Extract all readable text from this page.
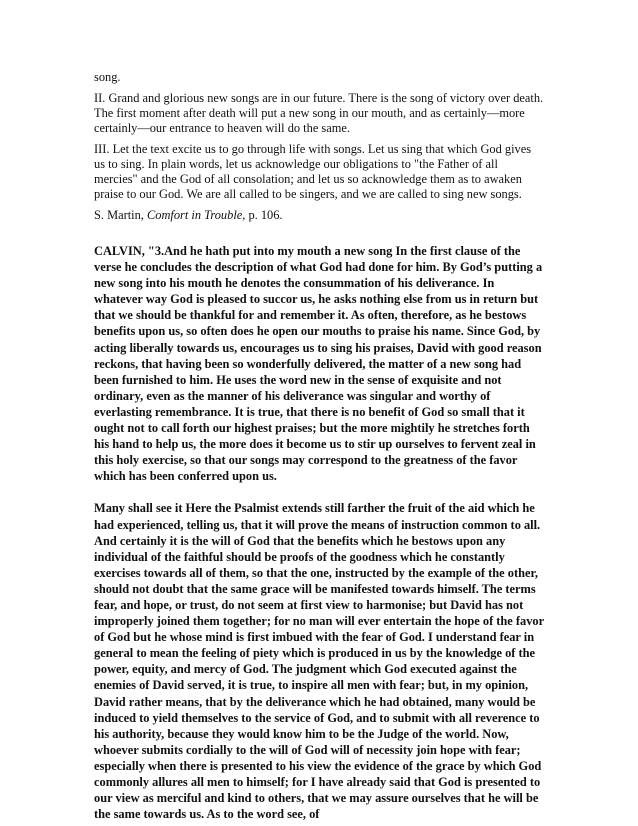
song.

II. Grand and glorious new songs are in our future. There is the song of victory over death. The first moment after death will put a new song in our mouth, and as certainly—more certainly—our entrance to heaven will do the same.

III. Let the text excite us to go through life with songs. Let us sing that which God gives us to sing. In plain words, let us acknowledge our obligations to "the Father of all mercies" and the God of all consolation; and let us so acknowledge them as to awaken praise to our God. We are all called to be singers, and we are called to sing new songs.

S. Martin, Comfort in Trouble, p. 106.

CALVIN, "3.And he hath put into my mouth a new song In the first clause of the verse he concludes the description of what God had done for him. By God’s putting a new song into his mouth he denotes the consummation of his deliverance. In whatever way God is pleased to succor us, he asks nothing else from us in return but that we should be thankful for and remember it. As often, therefore, as he bestows benefits upon us, so often does he open our mouths to praise his name. Since God, by acting liberally towards us, encourages us to sing his praises, David with good reason reckons, that having been so wonderfully delivered, the matter of a new song had been furnished to him. He uses the word new in the sense of exquisite and not ordinary, even as the manner of his deliverance was singular and worthy of everlasting remembrance. It is true, that there is no benefit of God so small that it ought not to call forth our highest praises; but the more mightily he stretches forth his hand to help us, the more does it become us to stir up ourselves to fervent zeal in this holy exercise, so that our songs may correspond to the greatness of the favor which has been conferred upon us.

Many shall see it Here the Psalmist extends still farther the fruit of the aid which he had experienced, telling us, that it will prove the means of instruction common to all. And certainly it is the will of God that the benefits which he bestows upon any individual of the faithful should be proofs of the goodness which he constantly exercises towards all of them, so that the one, instructed by the example of the other, should not doubt that the same grace will be manifested towards himself. The terms fear, and hope, or trust, do not seem at first view to harmonise; but David has not improperly joined them together; for no man will ever entertain the hope of the favor of God but he whose mind is first imbued with the fear of God. I understand fear in general to mean the feeling of piety which is produced in us by the knowledge of the power, equity, and mercy of God. The judgment which God executed against the enemies of David served, it is true, to inspire all men with fear; but, in my opinion, David rather means, that by the deliverance which he had obtained, many would be induced to yield themselves to the service of God, and to submit with all reverence to his authority, because they would know him to be the Judge of the world. Now, whoever submits cordially to the will of God will of necessity join hope with fear; especially when there is presented to his view the evidence of the grace by which God commonly allures all men to himself; for I have already said that God is presented to our view as merciful and kind to others, that we may assure ourselves that he will be the same towards us. As to the word see, of
